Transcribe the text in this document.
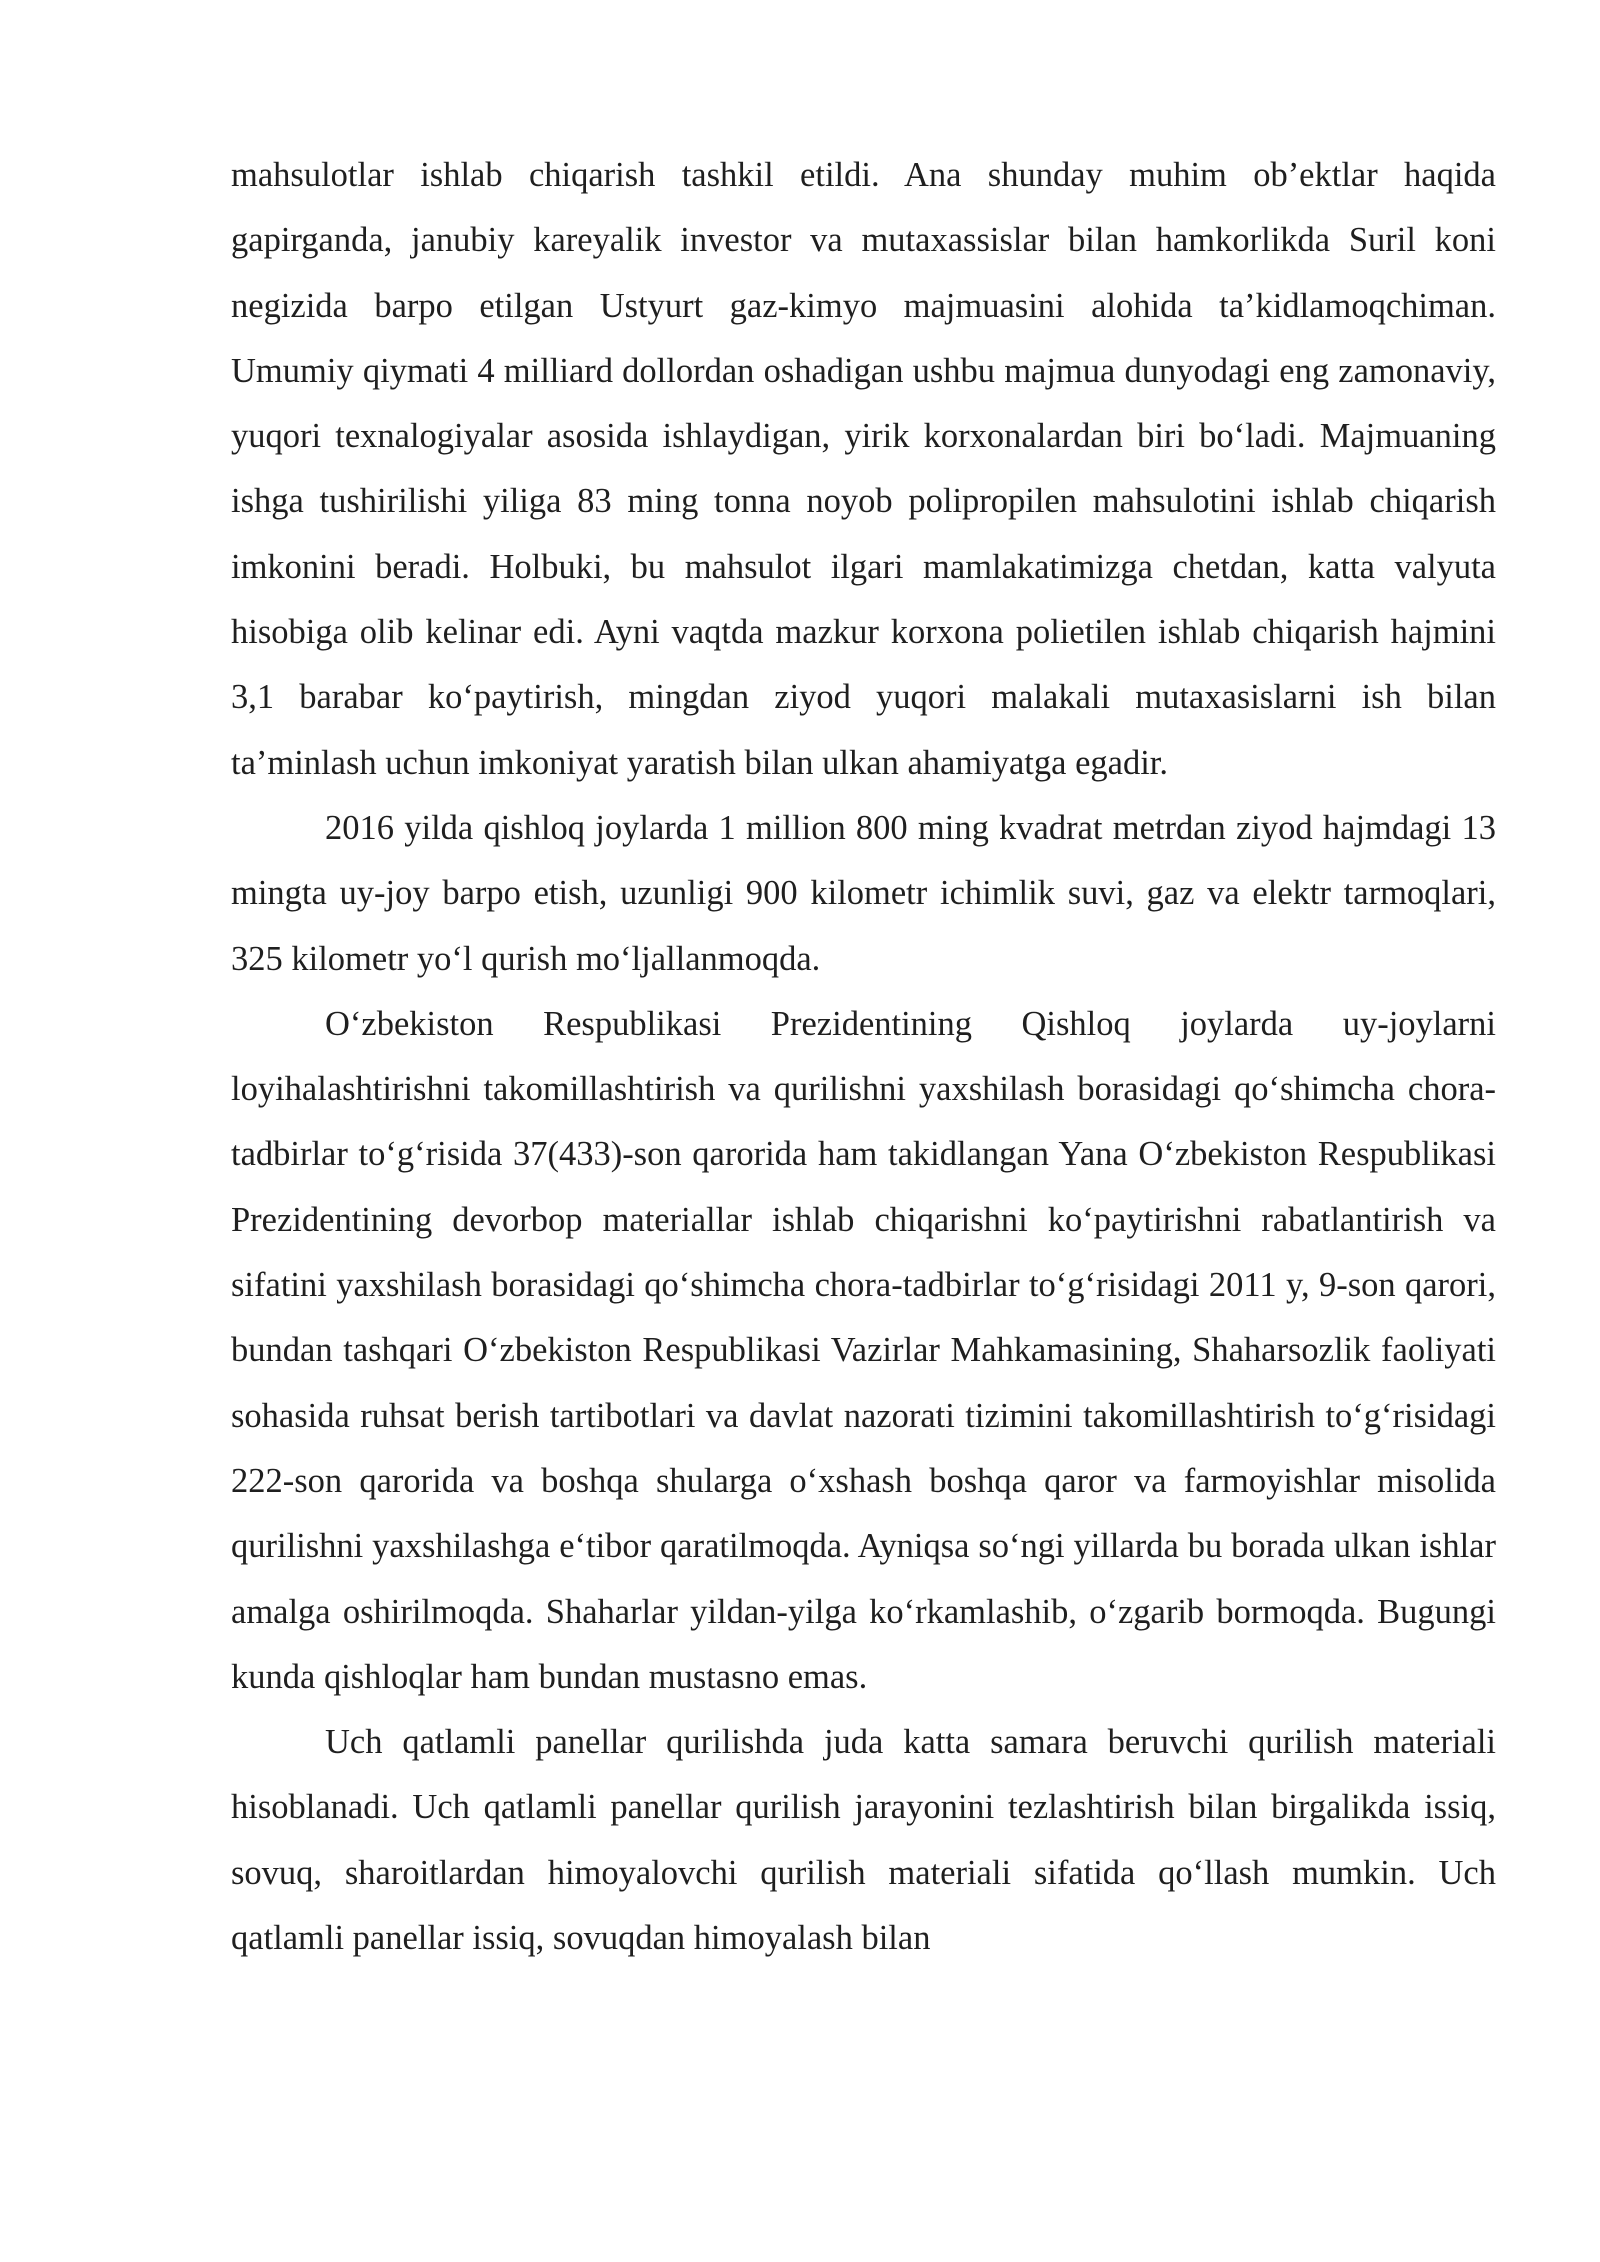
mahsulotlar ishlab chiqarish tashkil etildi. Ana shunday muhim ob’ektlar haqida gapirganda, janubiy kareyalik investor va mutaxassislar bilan hamkorlikda Suril koni negizida barpo etilgan Ustyurt gaz-kimyo majmuasini alohida ta’kidlamoqchiman. Umumiy qiymati 4 milliard dollordan oshadigan ushbu majmua dunyodagi eng zamonaviy, yuqori texnalogiyalar asosida ishlaydigan, yirik korxonalardan biri bo‘ladi. Majmuaning ishga tushirilishi yiliga 83 ming tonna noyob polipropilen mahsulotini ishlab chiqarish imkonini beradi. Holbuki, bu mahsulot ilgari mamlakatimizga chetdan, katta valyuta hisobiga olib kelinar edi. Ayni vaqtda mazkur korxona polietilen ishlab chiqarish hajmini 3,1 barabar ko‘paytirish, mingdan ziyod yuqori malakali mutaxasislarni ish bilan ta’minlash uchun imkoniyat yaratish bilan ulkan ahamiyatga egadir.

2016 yilda qishloq joylarda 1 million 800 ming kvadrat metrdan ziyod hajmdagi 13 mingta uy-joy barpo etish, uzunligi 900 kilometr ichimlik suvi, gaz va elektr tarmoqlari, 325 kilometr yo‘l qurish mo‘ljallanmoqda.

O‘zbekiston Respublikasi Prezidentining Qishloq joylarda uy-joylarni loyihalashtirishni takomillashtirish va qurilishni yaxshilash borasidagi qo‘shimcha chora-tadbirlar to‘g‘risida 37(433)-son qarorida ham takidlangan Yana O‘zbekiston Respublikasi Prezidentining devorbop materiallar ishlab chiqarishni ko‘paytirishni rabatlantirish va sifatini yaxshilash borasidagi qo‘shimcha chora-tadbirlar to‘g‘risidagi 2011 y, 9-son qarori, bundan tashqari O‘zbekiston Respublikasi Vazirlar Mahkamasining, Shaharsozlik faoliyati sohasida ruhsat berish tartibotlari va davlat nazorati tizimini takomillashtirish to‘g‘risidagi 222-son qarorida va boshqa shularga o‘xshash boshqa qaror va farmoyishlar misolida qurilishni yaxshilashga e‘tibor qaratilmoqda. Ayniqsa so‘ngi yillarda bu borada ulkan ishlar amalga oshirilmoqda. Shaharlar yildan-yilga ko‘rkamlashib, o‘zgarib bormoqda. Bugungi kunda qishloqlar ham bundan mustasno emas.

Uch qatlamli panellar qurilishda juda katta samara beruvchi qurilish materiali hisoblanadi. Uch qatlamli panellar qurilish jarayonini tezlashtirish bilan birgalikda issiq, sovuq, sharoitlardan himoyalovchi qurilish materiali sifatida qo‘llash mumkin. Uch qatlamli panellar issiq, sovuqdan himoyalash bilan
